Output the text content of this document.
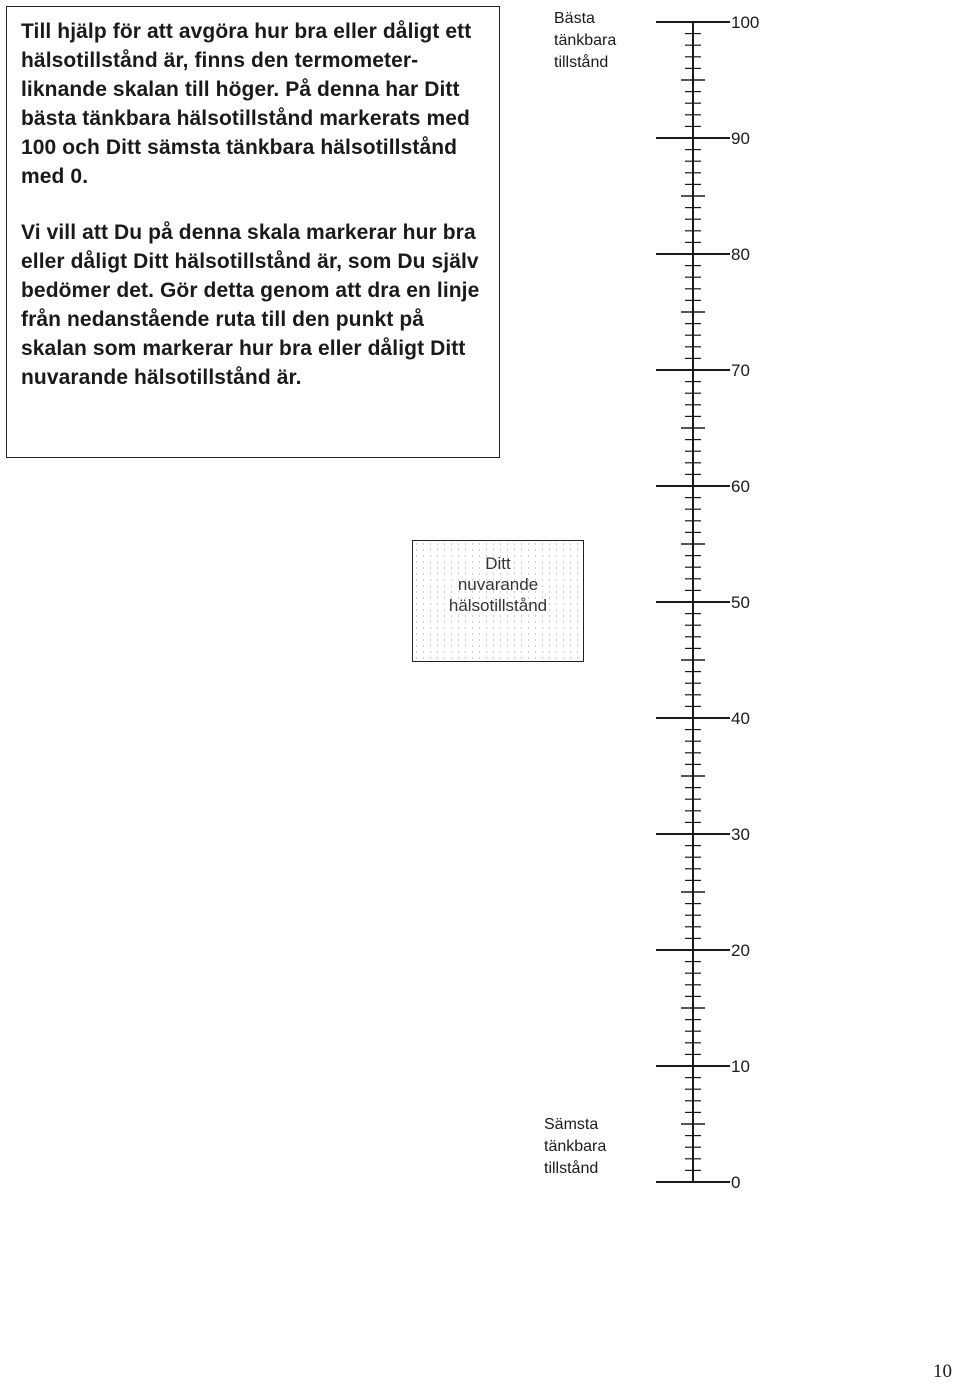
Till hjälp för att avgöra hur bra eller dåligt ett hälsotillstånd är, finns den termometer-liknande skalan till höger. På denna har Ditt bästa tänkbara hälsotillstånd markerats med 100 och Ditt sämsta tänkbara hälsotillstånd med 0.

Vi vill att Du på denna skala markerar hur bra eller dåligt Ditt hälsotillstånd är, som Du själv bedömer det. Gör detta genom att dra en linje från nedanstående ruta till den punkt på skalan som markerar hur bra eller dåligt Ditt nuvarande hälsotillstånd är.

Bästa
tänkbara
tillstånd

Sämsta
tänkbara
tillstånd

Ditt
nuvarande
hälsotillstånd
100
90
80
70
60
50
40
30
20
10
0
10
